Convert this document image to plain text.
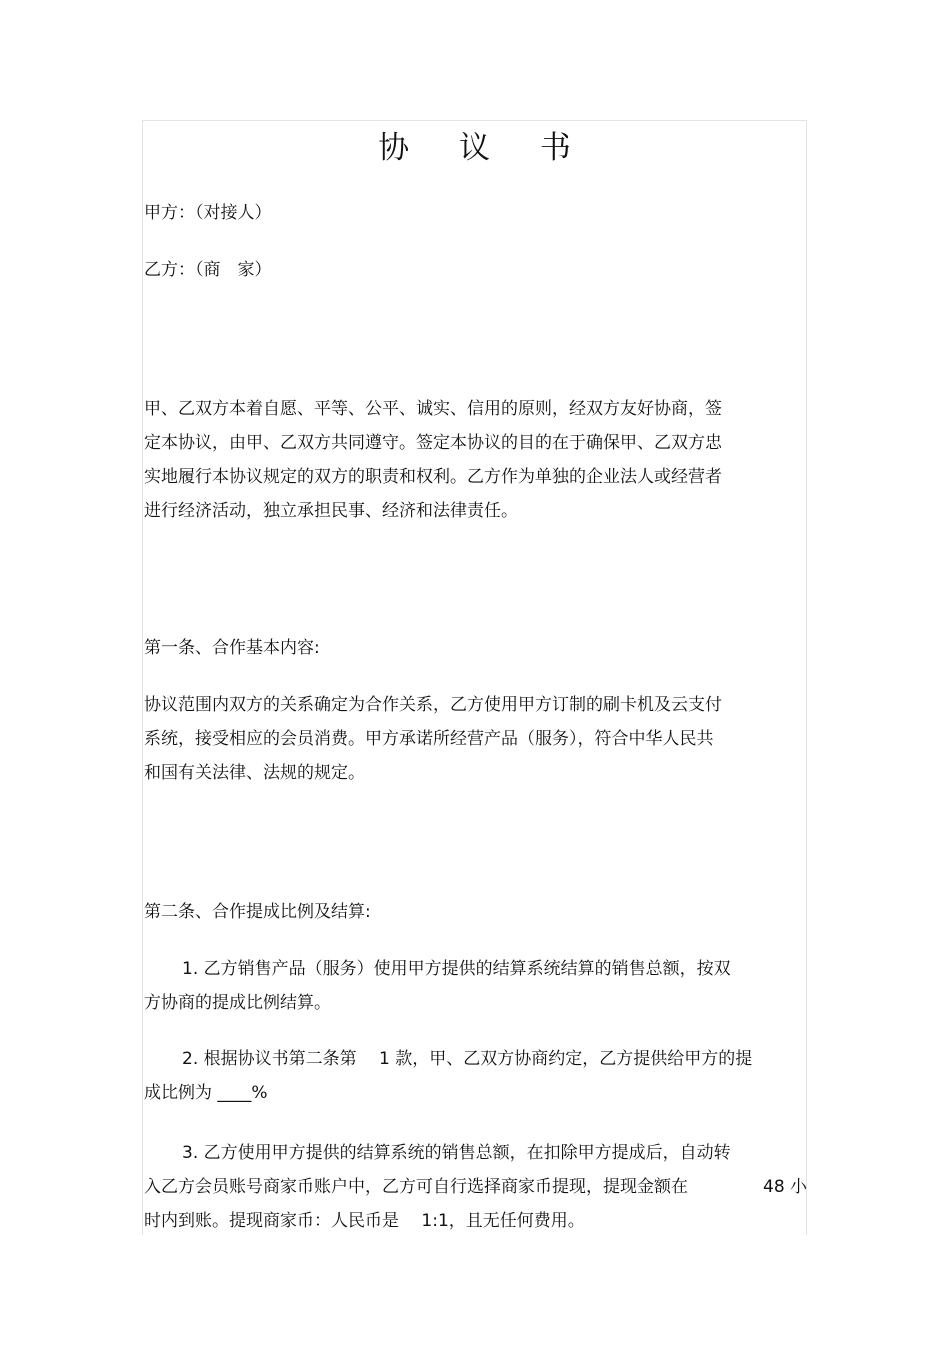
协 议 书
甲方：（对接人）
乙方：（商　家）
甲、乙双方本着自愿、平等、公平、诚实、信用的原则，经双方友好协商，签
定本协议，由甲、乙双方共同遵守。签定本协议的目的在于确保甲、乙双方忠
实地履行本协议规定的双方的职责和权利。乙方作为单独的企业法人或经营者
进行经济活动，独立承担民事、经济和法律责任。
第一条、合作基本内容:
协议范围内双方的关系确定为合作关系，乙方使用甲方订制的刷卡机及云支付
系统，接受相应的会员消费。甲方承诺所经营产品（服务），符合中华人民共
和国有关法律、法规的规定。
第二条、合作提成比例及结算:
1. 乙方销售产品（服务）使用甲方提供的结算系统结算的销售总额，按双
方协商的提成比例结算。
2. 根据协议书第二条第　 1 款，甲、乙双方协商约定，乙方提供给甲方的提
成比例为 ____%
3. 乙方使用甲方提供的结算系统的销售总额，在扣除甲方提成后，自动转
入乙方会员账号商家币账户中，乙方可自行选择商家币提现，提现金额在
时内到账。提现商家币：人民币是　 1:1，且无任何费用。
48 小
